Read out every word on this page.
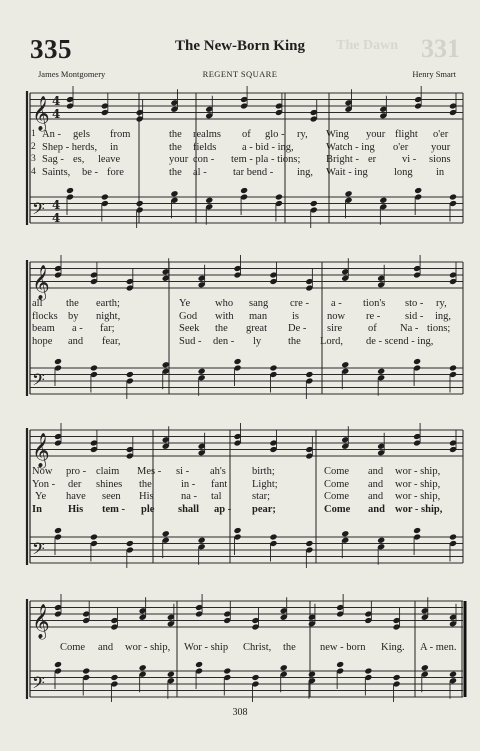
335	331
The Dawn
The New-Born King
James Montgomery	REGENT SQUARE	Henry Smart
𝄞 4
4
𝄢 4
4
1 An - gels from	the realms of glo - ry, Wing your flight o'er
2 Shep - herds, in	the fields a - bid - ing,	Watch - ing o'er your
3 Sag - es, leave	your con - tem - pla - tions; Bright - er vi - sions
4 Saints, be - fore	the al -	tar bend - ing, Wait - ing	long in
𝄞
𝄢
all the earth;	Ye who sang cre - a - tion's sto - ry,
flocks by night,	God with man is	now re - sid - ing,
beam a - far;	Seek the great De - sire of Na - tions;
hope and fear,	Sud - den - ly	the Lord, de - scend - ing,
𝄞
𝄢
Now pro - claim Mes - si - ah's birth;	Come and wor - ship,
Yon - der shines the	in - fant Light;	Come and wor - ship,
Ye have seen His	na - tal	star;	Come and wor - ship,
In His tem - ple shall ap - pear;	Come and wor - ship,
𝄞
𝄢
Come and wor - ship, Wor - ship Christ, the new - born King. A - men.
308
